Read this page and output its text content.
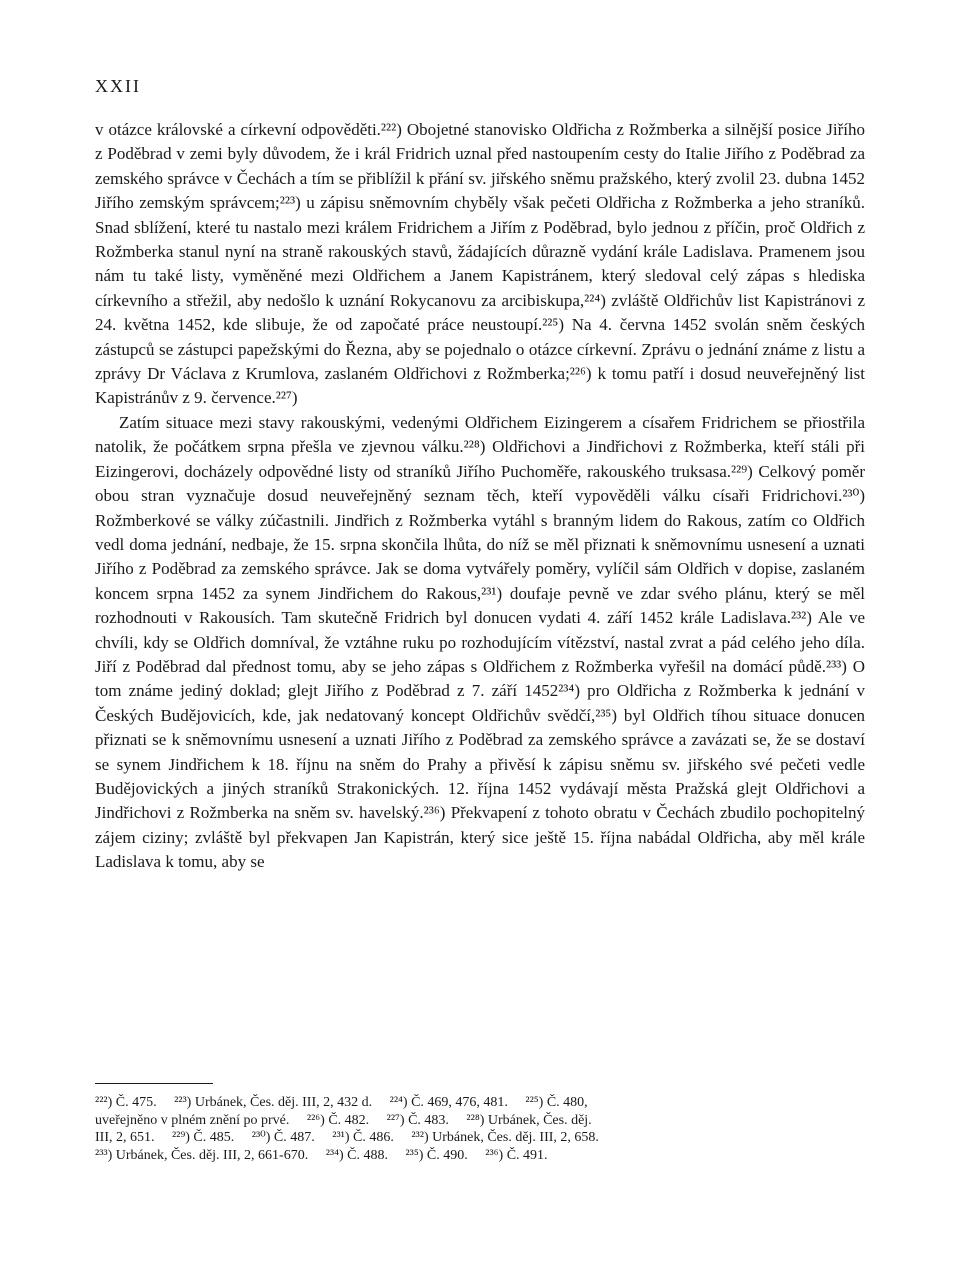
XXII

v otázce královské a církevní odpověděti.²²²) Obojetné stanovisko Oldřicha z Rožmberka a silnější posice Jiřího z Poděbrad v zemi byly důvodem, že i král Fridrich uznal před nastoupením cesty do Italie Jiřího z Poděbrad za zemského správce v Čechách a tím se přiblížil k přání sv. jiřského sněmu pražského, který zvolil 23. dubna 1452 Jiřího zemským správcem;²²³) u zápisu sněmovním chyběly však pečeti Oldřicha z Rožmberka a jeho straníků. Snad sblížení, které tu nastalo mezi králem Fridrichem a Jiřím z Poděbrad, bylo jednou z příčin, proč Oldřich z Rožmberka stanul nyní na straně rakouských stavů, žádajících důrazně vydání krále Ladislava. Pramenem jsou nám tu také listy, vyměněné mezi Oldřichem a Janem Kapistránem, který sledoval celý zápas s hlediska církevního a střežil, aby nedošlo k uznání Rokycanovu za arcibiskupa,²²⁴) zvláště Oldřichův list Kapistránovi z 24. května 1452, kde slibuje, že od započaté práce neustoupí.²²⁵) Na 4. června 1452 svolán sněm českých zástupců se zástupci papežskými do Řezna, aby se pojednalo o otázce církevní. Zprávu o jednání známe z listu a zprávy Dr Václava z Krumlova, zaslaném Oldřichovi z Rožmberka;²²⁶) k tomu patří i dosud neuveřejněný list Kapistránův z 9. července.²²⁷)

Zatím situace mezi stavy rakouskými, vedenými Oldřichem Eizingerem a císařem Fridrichem se přiostřila natolik, že počátkem srpna přešla ve zjevnou válku.²²⁸) Oldřichovi a Jindřichovi z Rožmberka, kteří stáli při Eizingerovi, docházely odpovědné listy od straníků Jiřího Puchoměře, rakouského truksasa.²²⁹) Celkový poměr obou stran vyznačuje dosud neuveřejněný seznam těch, kteří vypověděli válku císaři Fridrichovi.²³⁰) Rožmberkové se války zúčastnili. Jindřich z Rožmberka vytáhl s branným lidem do Rakous, zatím co Oldřich vedl doma jednání, nedbaje, že 15. srpna skončila lhůta, do níž se měl přiznati k sněmovnímu usnesení a uznati Jiřího z Poděbrad za zemského správce. Jak se doma vytvářely poměry, vylíčil sám Oldřich v dopise, zaslaném koncem srpna 1452 za synem Jindřichem do Rakous,²³¹) doufaje pevně ve zdar svého plánu, který se měl rozhodnouti v Rakousích. Tam skutečně Fridrich byl donucen vydati 4. září 1452 krále Ladislava.²³²) Ale ve chvíli, kdy se Oldřich domníval, že vztáhne ruku po rozhodujícím vítězství, nastal zvrat a pád celého jeho díla. Jiří z Poděbrad dal přednost tomu, aby se jeho zápas s Oldřichem z Rožmberka vyřešil na domácí půdě.²³³) O tom známe jediný doklad; glejt Jiřího z Poděbrad z 7. září 1452²³⁴) pro Oldřicha z Rožmberka k jednání v Českých Budějovicích, kde, jak nedatovaný koncept Oldřichův svědčí,²³⁵) byl Oldřich tíhou situace donucen přiznati se k sněmovnímu usnesení a uznati Jiřího z Poděbrad za zemského správce a zavázati se, že se dostaví se synem Jindřichem k 18. říjnu na sněm do Prahy a přivěsí k zápisu sněmu sv. jiřského své pečeti vedle Budějovických a jiných straníků Strakonických. 12. října 1452 vydávají města Pražská glejt Oldřichovi a Jindřichovi z Rožmberka na sněm sv. havelský.²³⁶) Překvapení z tohoto obratu v Čechách zbudilo pochopitelný zájem ciziny; zvláště byl překvapen Jan Kapistrán, který sice ještě 15. října nabádal Oldřicha, aby měl krále Ladislava k tomu, aby se

²²²) Č. 475.     ²²³) Urbánek, Čes. děj. III, 2, 432 d.     ²²⁴) Č. 469, 476, 481.     ²²⁵) Č. 480,
uveřejněno v plném znění po prvé.     ²²⁶) Č. 482.     ²²⁷) Č. 483.     ²²⁸) Urbánek, Čes. děj.
III, 2, 651.     ²²⁹) Č. 485.     ²³⁰) Č. 487.     ²³¹) Č. 486.     ²³²) Urbánek, Čes. děj. III, 2, 658.
²³³) Urbánek, Čes. děj. III, 2, 661-670.     ²³⁴) Č. 488.     ²³⁵) Č. 490.     ²³⁶) Č. 491.
